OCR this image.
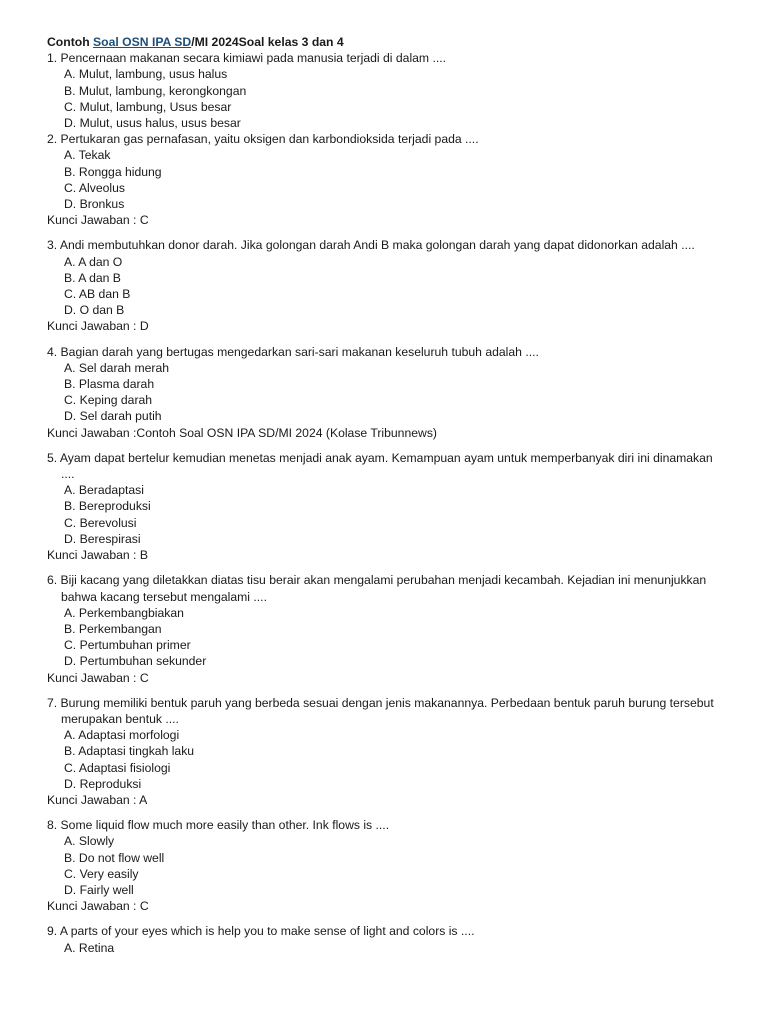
Contoh Soal OSN IPA SD/MI 2024Soal kelas 3 dan 4
1. Pencernaan makanan secara kimiawi pada manusia terjadi di dalam ....
A. Mulut, lambung, usus halus
B. Mulut, lambung, kerongkongan
C. Mulut, lambung, Usus besar
D. Mulut, usus halus, usus besar
2. Pertukaran gas pernafasan, yaitu oksigen dan karbondioksida terjadi pada ....
A. Tekak
B. Rongga hidung
C. Alveolus
D. Bronkus
Kunci Jawaban : C
3. Andi membutuhkan donor darah. Jika golongan darah Andi B maka golongan darah yang dapat didonorkan adalah ....
A. A dan O
B. A dan B
C. AB dan B
D. O dan B
Kunci Jawaban : D
4. Bagian darah yang bertugas mengedarkan sari-sari makanan keseluruh tubuh adalah ....
A. Sel darah merah
B. Plasma darah
C. Keping darah
D. Sel darah putih
Kunci Jawaban :Contoh Soal OSN IPA SD/MI 2024 (Kolase Tribunnews)
5. Ayam dapat bertelur kemudian menetas menjadi anak ayam. Kemampuan ayam untuk memperbanyak diri ini dinamakan ....
A. Beradaptasi
B. Bereproduksi
C. Berevolusi
D. Berespirasi
Kunci Jawaban : B
6. Biji kacang yang diletakkan diatas tisu berair akan mengalami perubahan menjadi kecambah. Kejadian ini menunjukkan bahwa kacang tersebut mengalami ....
A. Perkembangbiakan
B. Perkembangan
C. Pertumbuhan primer
D. Pertumbuhan sekunder
Kunci Jawaban : C
7. Burung memiliki bentuk paruh yang berbeda sesuai dengan jenis makanannya. Perbedaan bentuk paruh burung tersebut merupakan bentuk ....
A. Adaptasi morfologi
B. Adaptasi tingkah laku
C. Adaptasi fisiologi
D. Reproduksi
Kunci Jawaban : A
8. Some liquid flow much more easily than other. Ink flows is ....
A. Slowly
B. Do not flow well
C. Very easily
D. Fairly well
Kunci Jawaban : C
9. A parts of your eyes which is help you to make sense of light and colors is ....
A. Retina
